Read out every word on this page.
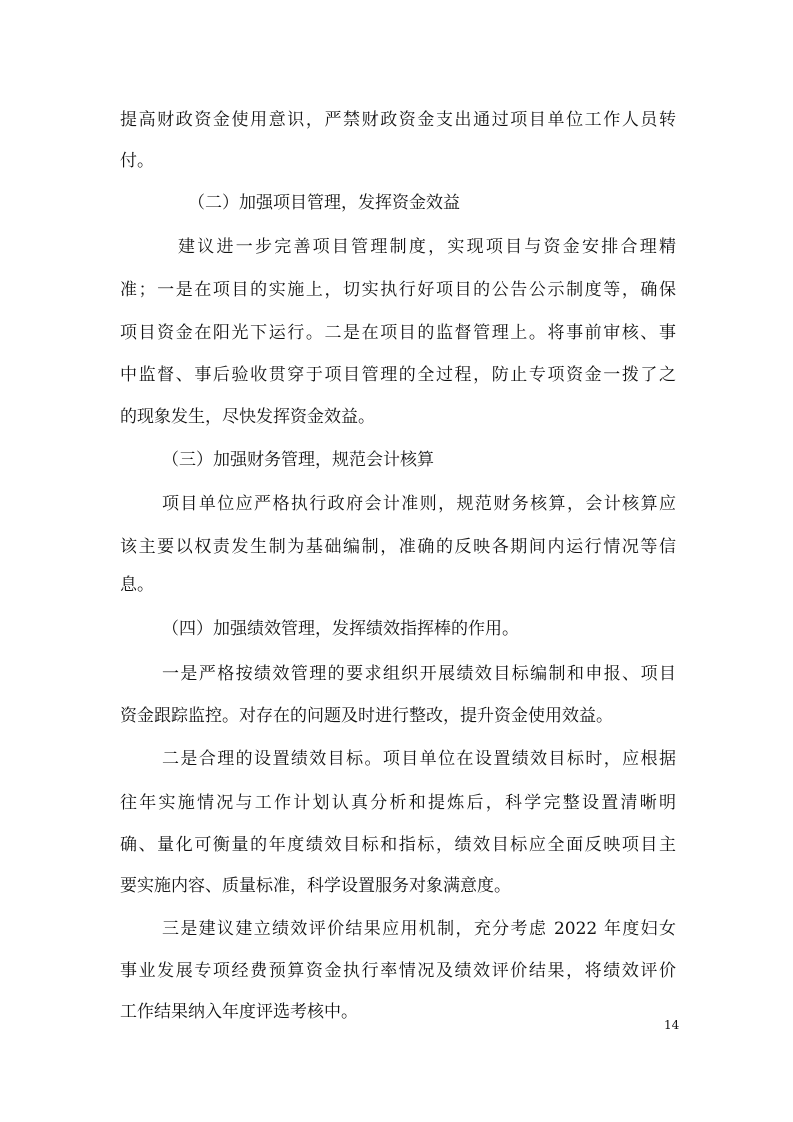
提高财政资金使用意识，严禁财政资金支出通过项目单位工作人员转
付。
（二）加强项目管理，发挥资金效益
建议进一步完善项目管理制度，实现项目与资金安排合理精
准；一是在项目的实施上，切实执行好项目的公告公示制度等，确保
项目资金在阳光下运行。二是在项目的监督管理上。将事前审核、事
中监督、事后验收贯穿于项目管理的全过程，防止专项资金一拨了之
的现象发生，尽快发挥资金效益。
（三）加强财务管理，规范会计核算
项目单位应严格执行政府会计准则，规范财务核算，会计核算应
该主要以权责发生制为基础编制，准确的反映各期间内运行情况等信
息。
（四）加强绩效管理，发挥绩效指挥棒的作用。
一是严格按绩效管理的要求组织开展绩效目标编制和申报、项目
资金跟踪监控。对存在的问题及时进行整改，提升资金使用效益。
二是合理的设置绩效目标。项目单位在设置绩效目标时，应根据
往年实施情况与工作计划认真分析和提炼后，科学完整设置清晰明
确、量化可衡量的年度绩效目标和指标，绩效目标应全面反映项目主
要实施内容、质量标准，科学设置服务对象满意度。
三是建议建立绩效评价结果应用机制，充分考虑 2022 年度妇女
事业发展专项经费预算资金执行率情况及绩效评价结果，将绩效评价
工作结果纳入年度评选考核中。
14
